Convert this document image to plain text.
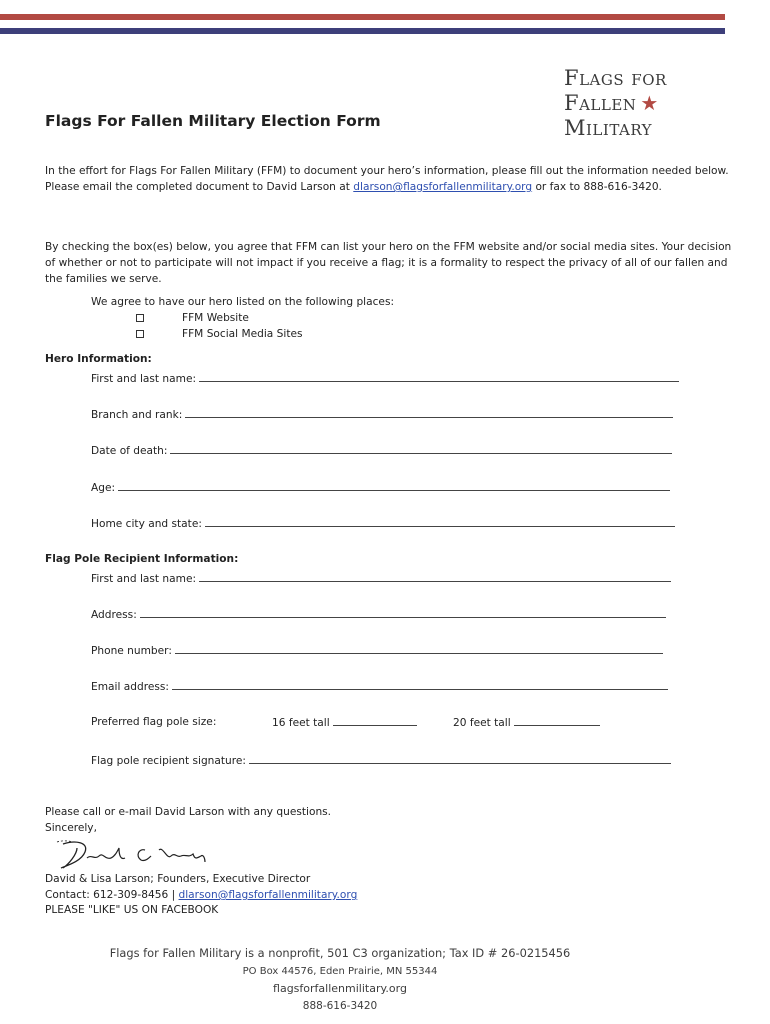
Flags for
Fallen ★
Military
Flags For Fallen Military Election Form
In the effort for Flags For Fallen Military (FFM) to document your hero’s information, please fill out the information needed below. Please email the completed document to David Larson at dlarson@flagsforfallenmilitary.org or fax to 888-616-3420.
By checking the box(es) below, you agree that FFM can list your hero on the FFM website and/or social media sites. Your decision of whether or not to participate will not impact if you receive a flag; it is a formality to respect the privacy of all of our fallen and the families we serve.
We agree to have our hero listed on the following places:
FFM Website
FFM Social Media Sites
Hero Information:
First and last name:
Branch and rank:
Date of death:
Age:
Home city and state:
Flag Pole Recipient Information:
First and last name:
Address:
Phone number:
Email address:
Preferred flag pole size:	16 feet tall	20 feet tall
Flag pole recipient signature:
Please call or e-mail David Larson with any questions.
Sincerely,
David & Lisa Larson; Founders, Executive Director
Contact: 612-309-8456 | dlarson@flagsforfallenmilitary.org
PLEASE "LIKE" US ON FACEBOOK
Flags for Fallen Military is a nonprofit, 501 C3 organization; Tax ID # 26-0215456
PO Box 44576, Eden Prairie, MN 55344
flagsforfallenmilitary.org
888-616-3420
